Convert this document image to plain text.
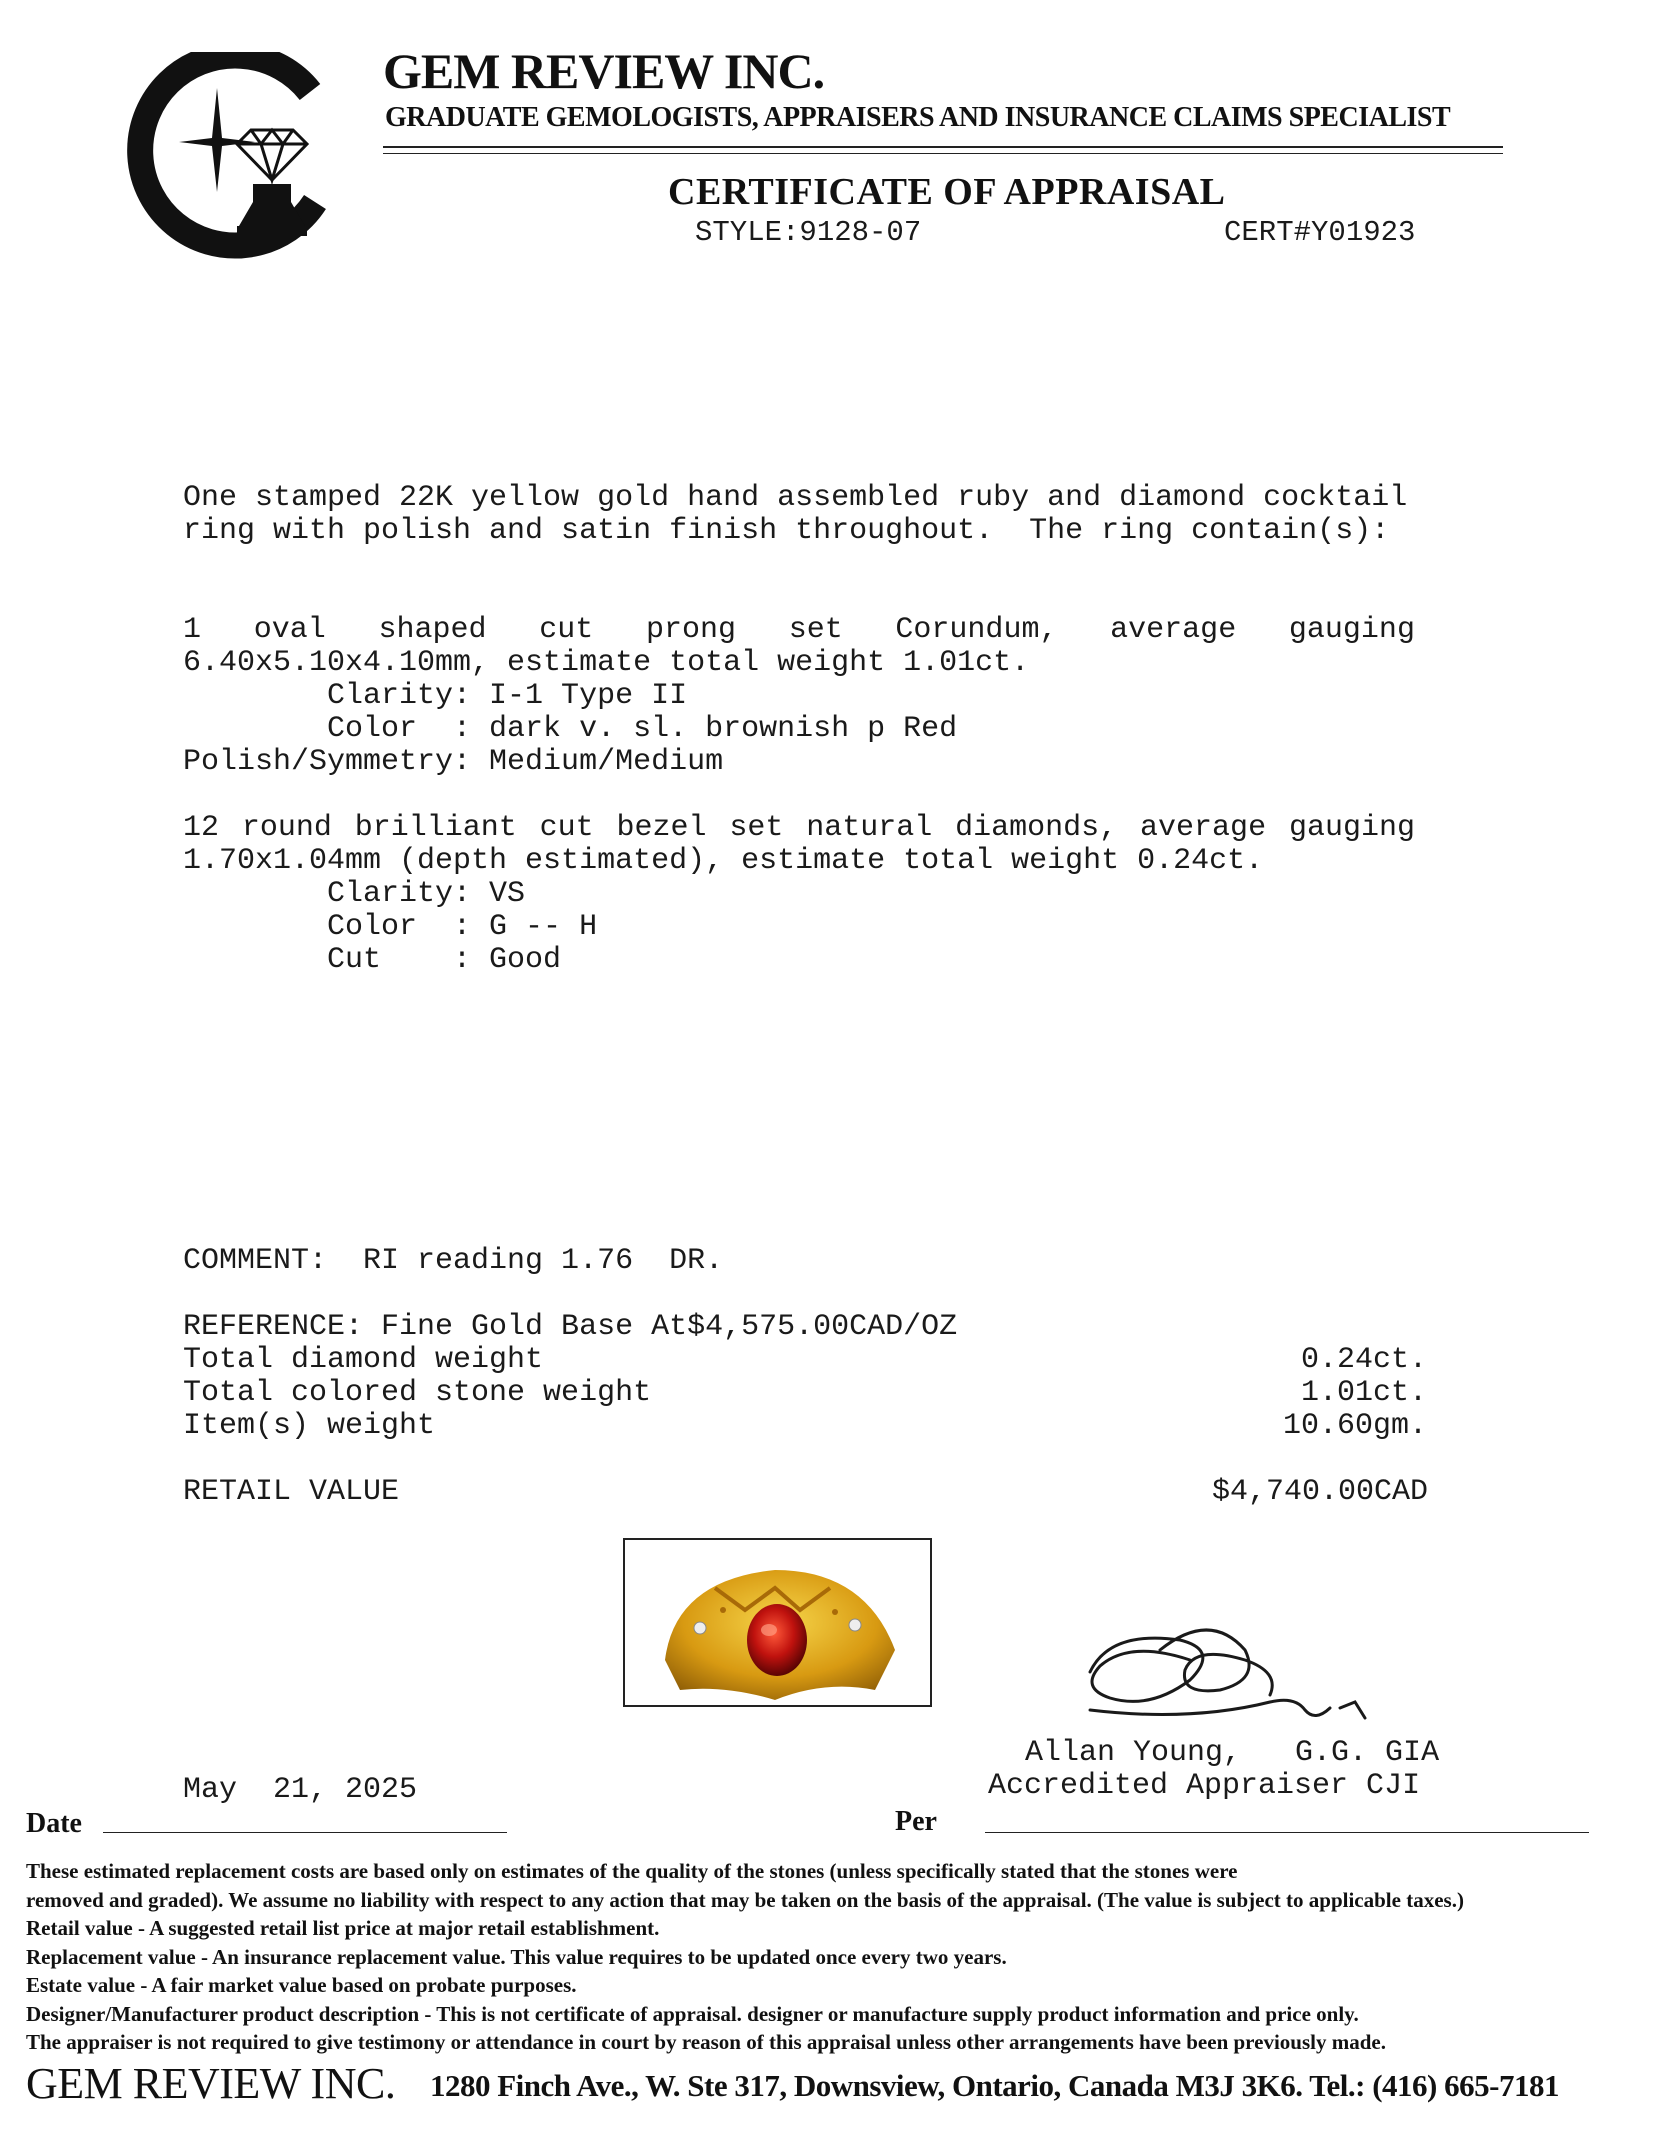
GEM REVIEW INC.
GRADUATE GEMOLOGISTS, APPRAISERS AND INSURANCE CLAIMS SPECIALIST
CERTIFICATE OF APPRAISAL
STYLE:9128-07	CERT#Y01923
One stamped 22K yellow gold hand assembled ruby and diamond cocktail
ring with polish and satin finish throughout.  The ring contain(s):
1 oval shaped cut prong set Corundum, average gauging
6.40x5.10x4.10mm, estimate total weight 1.01ct.
Clarity: I-1 Type II
Color  : dark v. sl. brownish p Red
Polish/Symmetry: Medium/Medium
12 round brilliant cut bezel set natural diamonds, average gauging
1.70x1.04mm (depth estimated), estimate total weight 0.24ct.
Clarity: VS
Color  : G -- H
Cut    : Good
COMMENT:  RI reading 1.76  DR.
REFERENCE: Fine Gold Base At$4,575.00CAD/OZ
Total diamond weight	0.24ct.
Total colored stone weight	1.01ct.
Item(s) weight	10.60gm.
RETAIL VALUE	$4,740.00CAD
Allan Young,   G.G. GIA
Accredited Appraiser CJI
May  21, 2025
Date	Per
These estimated replacement costs are based only on estimates of the quality of the stones (unless specifically stated that the stones were
removed and graded). We assume no liability with respect to any action that may be taken on the basis of the appraisal. (The value is subject to applicable taxes.)
Retail value - A suggested retail list price at major retail establishment.
Replacement value - An insurance replacement value. This value requires to be updated once every two years.
Estate value - A fair market value based on probate purposes.
Designer/Manufacturer product description - This is not certificate of appraisal. designer or manufacture supply product information and price only.
The appraiser is not required to give testimony or attendance in court by reason of this appraisal unless other arrangements have been previously made.
GEM REVIEW INC. 1280 Finch Ave., W. Ste 317, Downsview, Ontario, Canada M3J 3K6. Tel.: (416) 665-7181
